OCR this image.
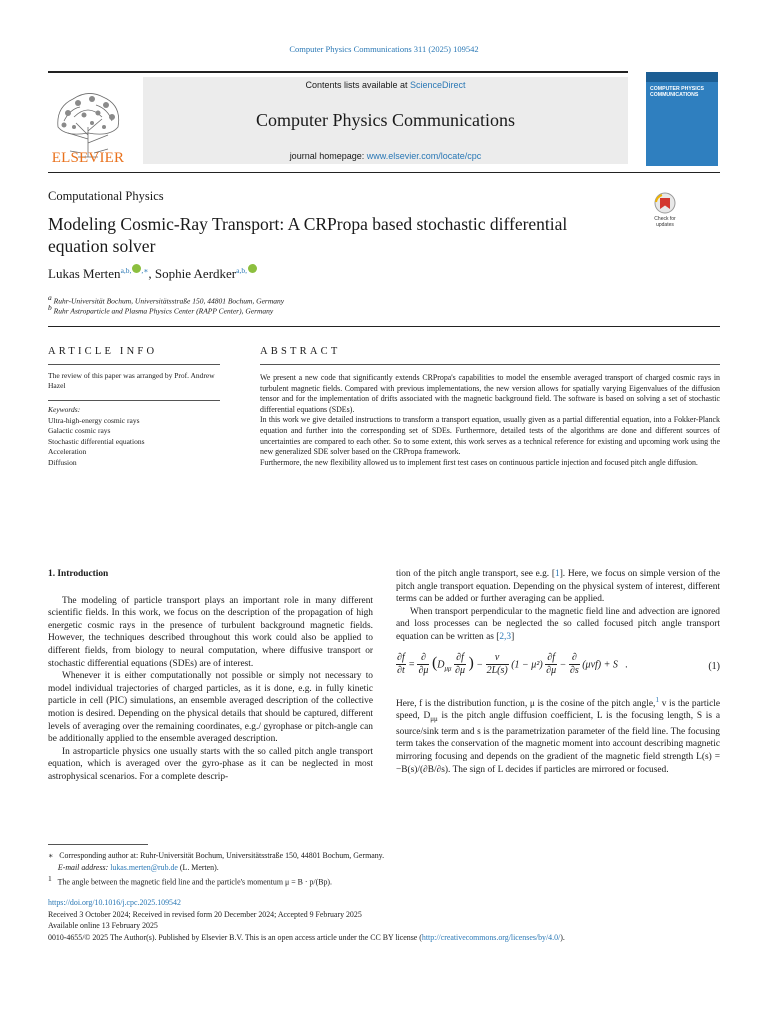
Computer Physics Communications 311 (2025) 109542
ELSEVIER
Contents lists available at ScienceDirect
Computer Physics Communications
journal homepage: www.elsevier.com/locate/cpc
COMPUTER PHYSICS COMMUNICATIONS
Computational Physics
Modeling Cosmic-Ray Transport: A CRPropa based stochastic differential equation solver
Check for
updates
Lukas Merten$^{a,b,}$ ,∗, Sophie Aerdker$^{a,b,}$
$^a$ Ruhr-Universität Bochum, Universitätsstraße 150, 44801 Bochum, Germany
$^b$ Ruhr Astroparticle and Plasma Physics Center (RAPP Center), Germany
ARTICLE INFO
The review of this paper was arranged by Prof. Andrew Hazel
Keywords:
Ultra-high-energy cosmic rays
Galactic cosmic rays
Stochastic differential equations
Acceleration
Diffusion
ABSTRACT

We present a new code that significantly extends CRPropa's capabilities to model the ensemble averaged transport of charged cosmic rays in turbulent magnetic fields. Compared with previous implementations, the new version allows for spatially varying Eigenvalues of the diffusion tensor and for the implementation of drifts associated with the magnetic background field. The software is based on solving a set of stochastic differential equations (SDEs).

In this work we give detailed instructions to transform a transport equation, usually given as a partial differential equation, into a Fokker-Planck equation and further into the corresponding set of SDEs. Furthermore, detailed tests of the algorithms are done and different sources of uncertainties are compared to each other. So to some extent, this work serves as a technical reference for existing and upcoming work using the new generalized SDE solver based on the CRPropa framework.

Furthermore, the new flexibility allowed us to implement first test cases on continuous particle injection and focused pitch angle diffusion.

1. Introduction

The modeling of particle transport plays an important role in many different scientific fields. In this work, we focus on the description of the propagation of high energetic cosmic rays in the presence of turbulent background magnetic fields. However, the techniques described throughout this work could also be applied to different fields, from biology to neural computation, where diffusive transport or stochastic differential equations (SDEs) are of interest.

Whenever it is either computationally not possible or simply not necessary to model individual trajectories of charged particles, as it is done, e.g. in fully kinetic particle in cell (PIC) simulations, an ensemble averaged description of the collective motion is desired. Depending on the physical details that should be captured, different levels of averaging over the remaining coordinates, e.g./ gyrophase or pitch-angle can be additionally applied to the ensemble averaged description.

In astroparticle physics one usually starts with the so called pitch angle transport equation, which is averaged over the gyro-phase as it can be neglected in most astrophysical scenarios. For a complete descrip-

tion of the pitch angle transport, see e.g. [1]. Here, we focus on simple version of the pitch angle transport equation. Depending on the physical system of interest, different terms can be added or further averaging can be applied.

When transport perpendicular to the magnetic field line and advection are ignored and loss processes can be neglected the so called focused pitch angle transport equation can be written as [2,3]

$\frac{\partial f}{\partial t} = \frac{\partial}{\partial\mu} (D_{\mu\mu} \frac{\partial f}{\partial\mu}$ ) − $\frac{v}{2L(s)} (1 - \mu^2) \frac{\partial f}{\partial\mu} - \frac{\partial}{\partial s} (\mu vf) + S$   .	(1)

Here, f is the distribution function, μ is the cosine of the pitch angle,$^1$ v is the particle speed, $D_{\mu\mu}$ is the pitch angle diffusion coefficient, L is the focusing length, S is a source/sink term and s is the parametrization parameter of the field line. The focusing term takes the conservation of the magnetic moment into account describing magnetic mirroring focusing and depends on the gradient of the magnetic field strength L(s) = −B(s)/(∂B/∂s). The sign of L decides if particles are mirrored or focused.

∗ Corresponding author at: Ruhr-Universität Bochum, Universitätsstraße 150, 44801 Bochum, Germany.
E-mail address: lukas.merten@rub.de (L. Merten).
$^1$ The angle between the magnetic field line and the particle's momentum μ = B · p/(Bp).
https://doi.org/10.1016/j.cpc.2025.109542
Received 3 October 2024; Received in revised form 20 December 2024; Accepted 9 February 2025
Available online 13 February 2025
0010-4655/© 2025 The Author(s). Published by Elsevier B.V. This is an open access article under the CC BY license (http://creativecommons.org/licenses/by/4.0/).
